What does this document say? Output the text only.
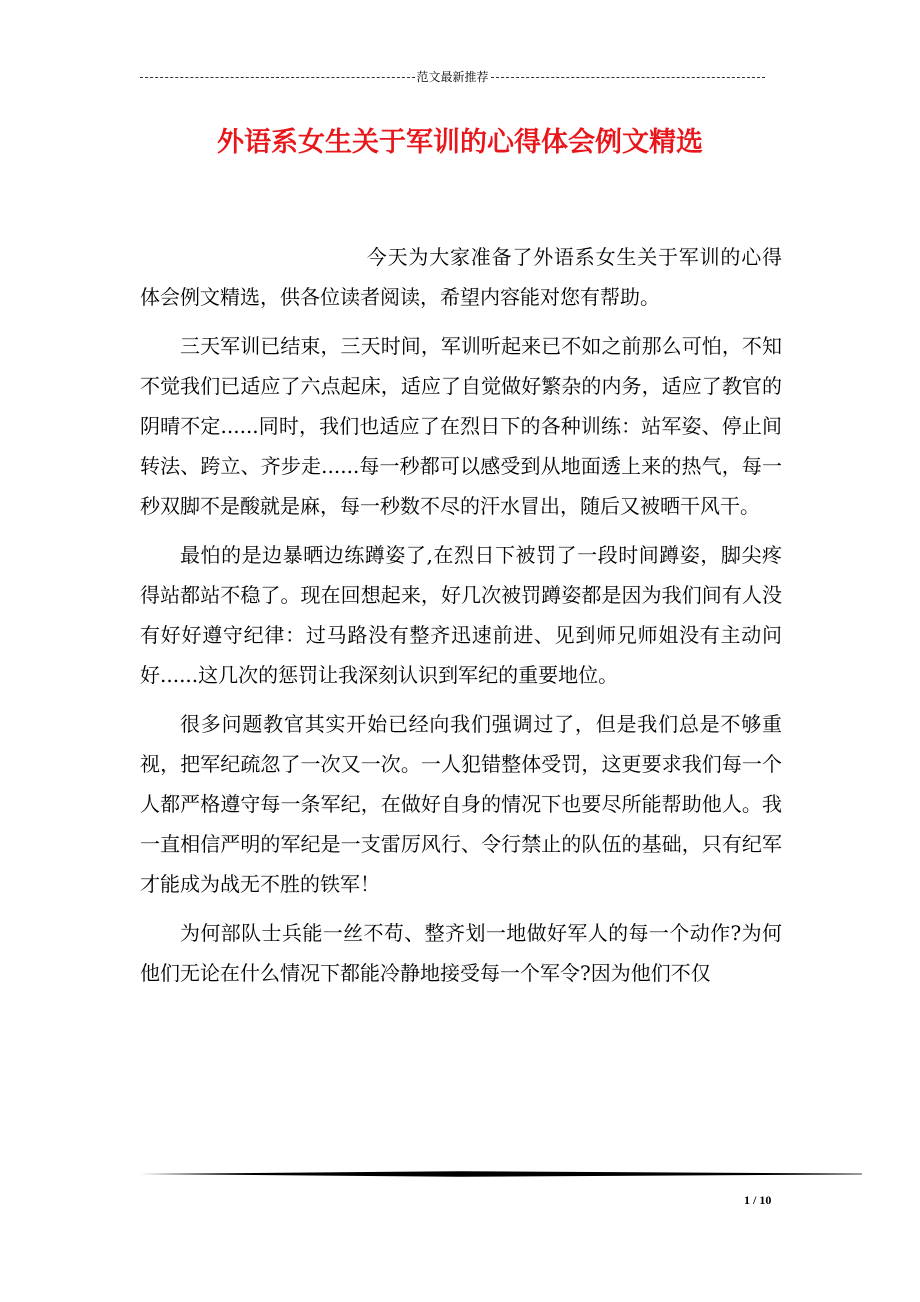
范文最新推荐
外语系女生关于军训的心得体会例文精选

今天为大家准备了外语系女生关于军训的心得体会例文精选，供各位读者阅读，希望内容能对您有帮助。

三天军训已结束，三天时间，军训听起来已不如之前那么可怕，不知不觉我们已适应了六点起床，适应了自觉做好繁杂的内务，适应了教官的阴晴不定......同时，我们也适应了在烈日下的各种训练：站军姿、停止间转法、跨立、齐步走......每一秒都可以感受到从地面透上来的热气，每一秒双脚不是酸就是麻，每一秒数不尽的汗水冒出，随后又被晒干风干。

最怕的是边暴晒边练蹲姿了,在烈日下被罚了一段时间蹲姿，脚尖疼得站都站不稳了。现在回想起来，好几次被罚蹲姿都是因为我们间有人没有好好遵守纪律：过马路没有整齐迅速前进、见到师兄师姐没有主动问好......这几次的惩罚让我深刻认识到军纪的重要地位。

很多问题教官其实开始已经向我们强调过了，但是我们总是不够重视，把军纪疏忽了一次又一次。一人犯错整体受罚，这更要求我们每一个人都严格遵守每一条军纪，在做好自身的情况下也要尽所能帮助他人。我一直相信严明的军纪是一支雷厉风行、令行禁止的队伍的基础，只有纪军才能成为战无不胜的铁军！

为何部队士兵能一丝不苟、整齐划一地做好军人的每一个动作?为何他们无论在什么情况下都能冷静地接受每一个军令?因为他们不仅

1 / 10
